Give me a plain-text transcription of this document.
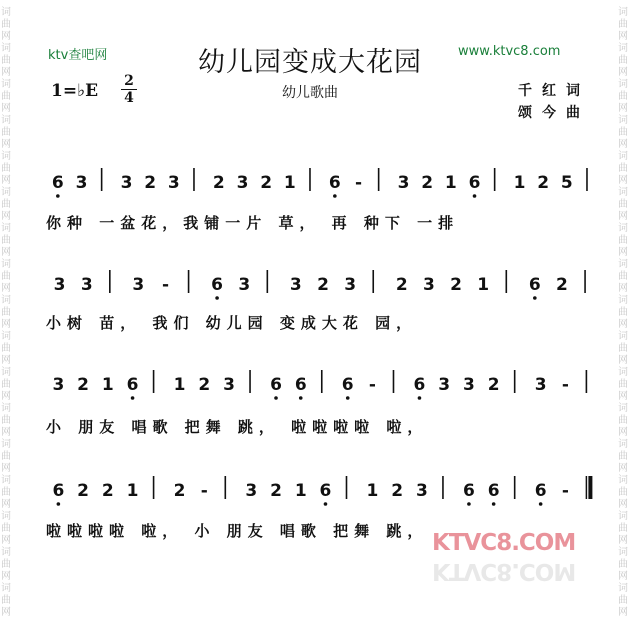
词
曲
网
词
曲
网
词
曲
网
词
曲
网
词
曲
网
词
曲
网
词
曲
网
词
曲
网
词
曲
网
词
曲
网
词
曲
网
词
曲
网
词
曲
网
词
曲
网
词
曲
网
词
曲
网
词
曲
网
词
曲
网
词
曲
网
词
曲
网
词
曲
网
词
曲
网
词
曲
网
词
曲
网
词
曲
网
词
曲
网
词
曲
网
词
曲
网
词
曲
网
词
曲
网
词
曲
网
词
曲
网
词
曲
网
词
曲
网
ktv查吧网	www.ktvc8.com
幼儿园变成大花园
1=♭E 2
4	幼儿歌曲	千红词
颂今曲
6 3 3 2 3 2 3 2 1 6 - 3 2 1 6 1 2 5
你种 一盆花，我铺一片 草， 再 种下 一排
3 3 3 - 6 3 3 2 3 2 3 2 1 6 2
小树 苗， 我们 幼儿园 变成大花 园，
3 2 1 6 1 2 3 6 6 6 - 6 3 3 2 3 -
小 朋友 唱歌 把舞 跳， 啦啦啦啦 啦，
6 2 2 1 2 - 3 2 1 6 1 2 3 6 6 6 -
啦啦啦啦 啦， 小 朋友 唱歌 把舞 跳， KTVC8.COM
KTVC8.COM
